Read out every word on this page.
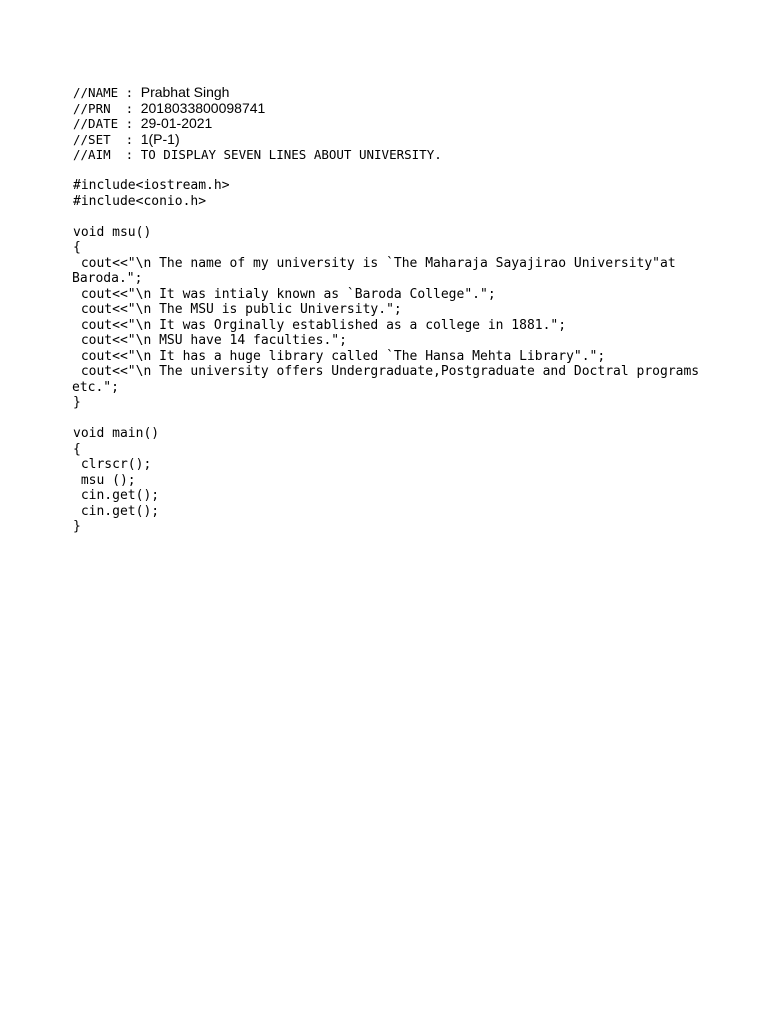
//NAME : Prabhat Singh
//PRN  : 2018033800098741
//DATE : 29-01-2021
//SET  : 1(P-1)
//AIM  : TO DISPLAY SEVEN LINES ABOUT UNIVERSITY.
#include<iostream.h>
#include<conio.h>
void msu()
{
cout<<"\n The name of my university is `The Maharaja Sayajirao University"at
Baroda.";
cout<<"\n It was intialy known as `Baroda College".";
cout<<"\n The MSU is public University.";
cout<<"\n It was Orginally established as a college in 1881.";
cout<<"\n MSU have 14 faculties.";
cout<<"\n It has a huge library called `The Hansa Mehta Library".";
cout<<"\n The university offers Undergraduate,Postgraduate and Doctral programs
etc.";
}
void main()
{
clrscr();
msu ();
cin.get();
cin.get();
}
